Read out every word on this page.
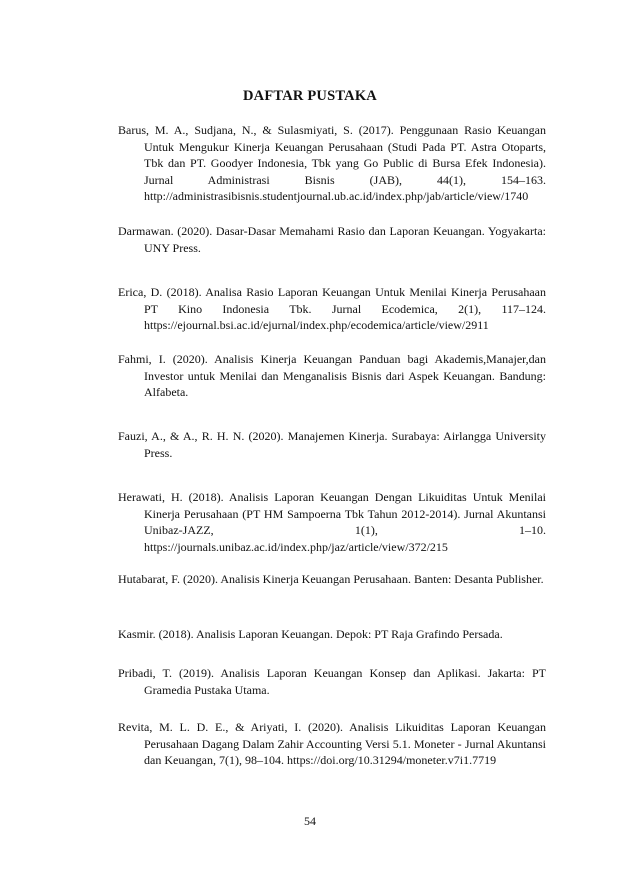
DAFTAR PUSTAKA
Barus, M. A., Sudjana, N., & Sulasmiyati, S. (2017). Penggunaan Rasio Keuangan Untuk Mengukur Kinerja Keuangan Perusahaan (Studi Pada PT. Astra Otoparts, Tbk dan PT. Goodyer Indonesia, Tbk yang Go Public di Bursa Efek Indonesia). Jurnal Administrasi Bisnis (JAB), 44(1), 154–163. http://administrasibisnis.studentjournal.ub.ac.id/index.php/jab/article/view/1740
Darmawan. (2020). Dasar-Dasar Memahami Rasio dan Laporan Keuangan. Yogyakarta: UNY Press.
Erica, D. (2018). Analisa Rasio Laporan Keuangan Untuk Menilai Kinerja Perusahaan PT Kino Indonesia Tbk. Jurnal Ecodemica, 2(1), 117–124. https://ejournal.bsi.ac.id/ejurnal/index.php/ecodemica/article/view/2911
Fahmi, I. (2020). Analisis Kinerja Keuangan Panduan bagi Akademis,Manajer,dan Investor untuk Menilai dan Menganalisis Bisnis dari Aspek Keuangan. Bandung: Alfabeta.
Fauzi, A., & A., R. H. N. (2020). Manajemen Kinerja. Surabaya: Airlangga University Press.
Herawati, H. (2018). Analisis Laporan Keuangan Dengan Likuiditas Untuk Menilai Kinerja Perusahaan (PT HM Sampoerna Tbk Tahun 2012-2014). Jurnal Akuntansi Unibaz-JAZZ, 1(1), 1–10. https://journals.unibaz.ac.id/index.php/jaz/article/view/372/215
Hutabarat, F. (2020). Analisis Kinerja Keuangan Perusahaan. Banten: Desanta Publisher.
Kasmir. (2018). Analisis Laporan Keuangan. Depok: PT Raja Grafindo Persada.
Pribadi, T. (2019). Analisis Laporan Keuangan Konsep dan Aplikasi. Jakarta: PT Gramedia Pustaka Utama.
Revita, M. L. D. E., & Ariyati, I. (2020). Analisis Likuiditas Laporan Keuangan Perusahaan Dagang Dalam Zahir Accounting Versi 5.1. Moneter - Jurnal Akuntansi dan Keuangan, 7(1), 98–104. https://doi.org/10.31294/moneter.v7i1.7719
54
